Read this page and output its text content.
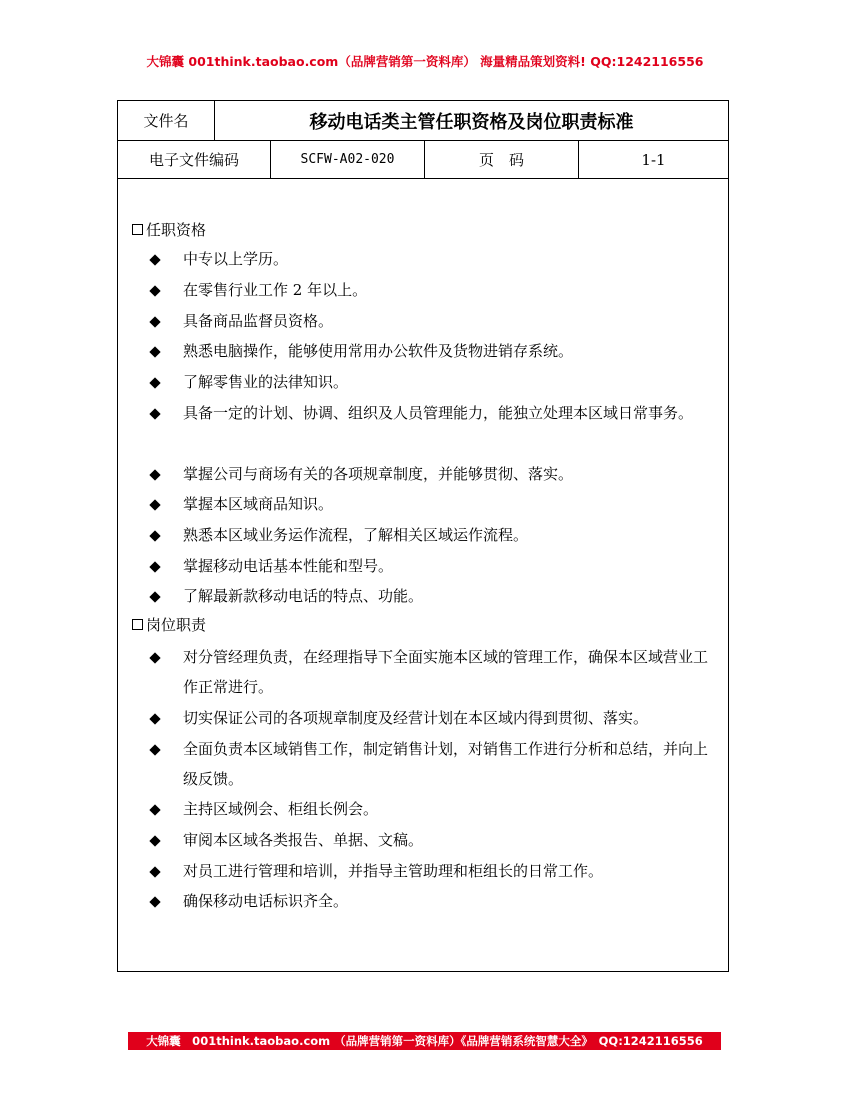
大锦囊 001think.taobao.com（品牌营销第一资料库） 海量精品策划资料! QQ:1242116556
文件名	移动电话类主管任职资格及岗位职责标准
电子文件编码	SCFW-A02-020	页　码	1-1
任职资格
中专以上学历。
在零售行业工作 2 年以上。
具备商品监督员资格。
熟悉电脑操作，能够使用常用办公软件及货物进销存系统。
了解零售业的法律知识。
具备一定的计划、协调、组织及人员管理能力，能独立处理本区域日常事务。
掌握公司与商场有关的各项规章制度，并能够贯彻、落实。
掌握本区域商品知识。
熟悉本区域业务运作流程，了解相关区域运作流程。
掌握移动电话基本性能和型号。
了解最新款移动电话的特点、功能。
岗位职责
对分管经理负责，在经理指导下全面实施本区域的管理工作，确保本区域营业工作正常进行。
切实保证公司的各项规章制度及经营计划在本区域内得到贯彻、落实。
全面负责本区域销售工作，制定销售计划，对销售工作进行分析和总结，并向上级反馈。
主持区域例会、柜组长例会。
审阅本区域各类报告、单据、文稿。
对员工进行管理和培训，并指导主管助理和柜组长的日常工作。
确保移动电话标识齐全。
大锦囊　001think.taobao.com （品牌营销第一资料库）《品牌营销系统智慧大全》　QQ:1242116556
